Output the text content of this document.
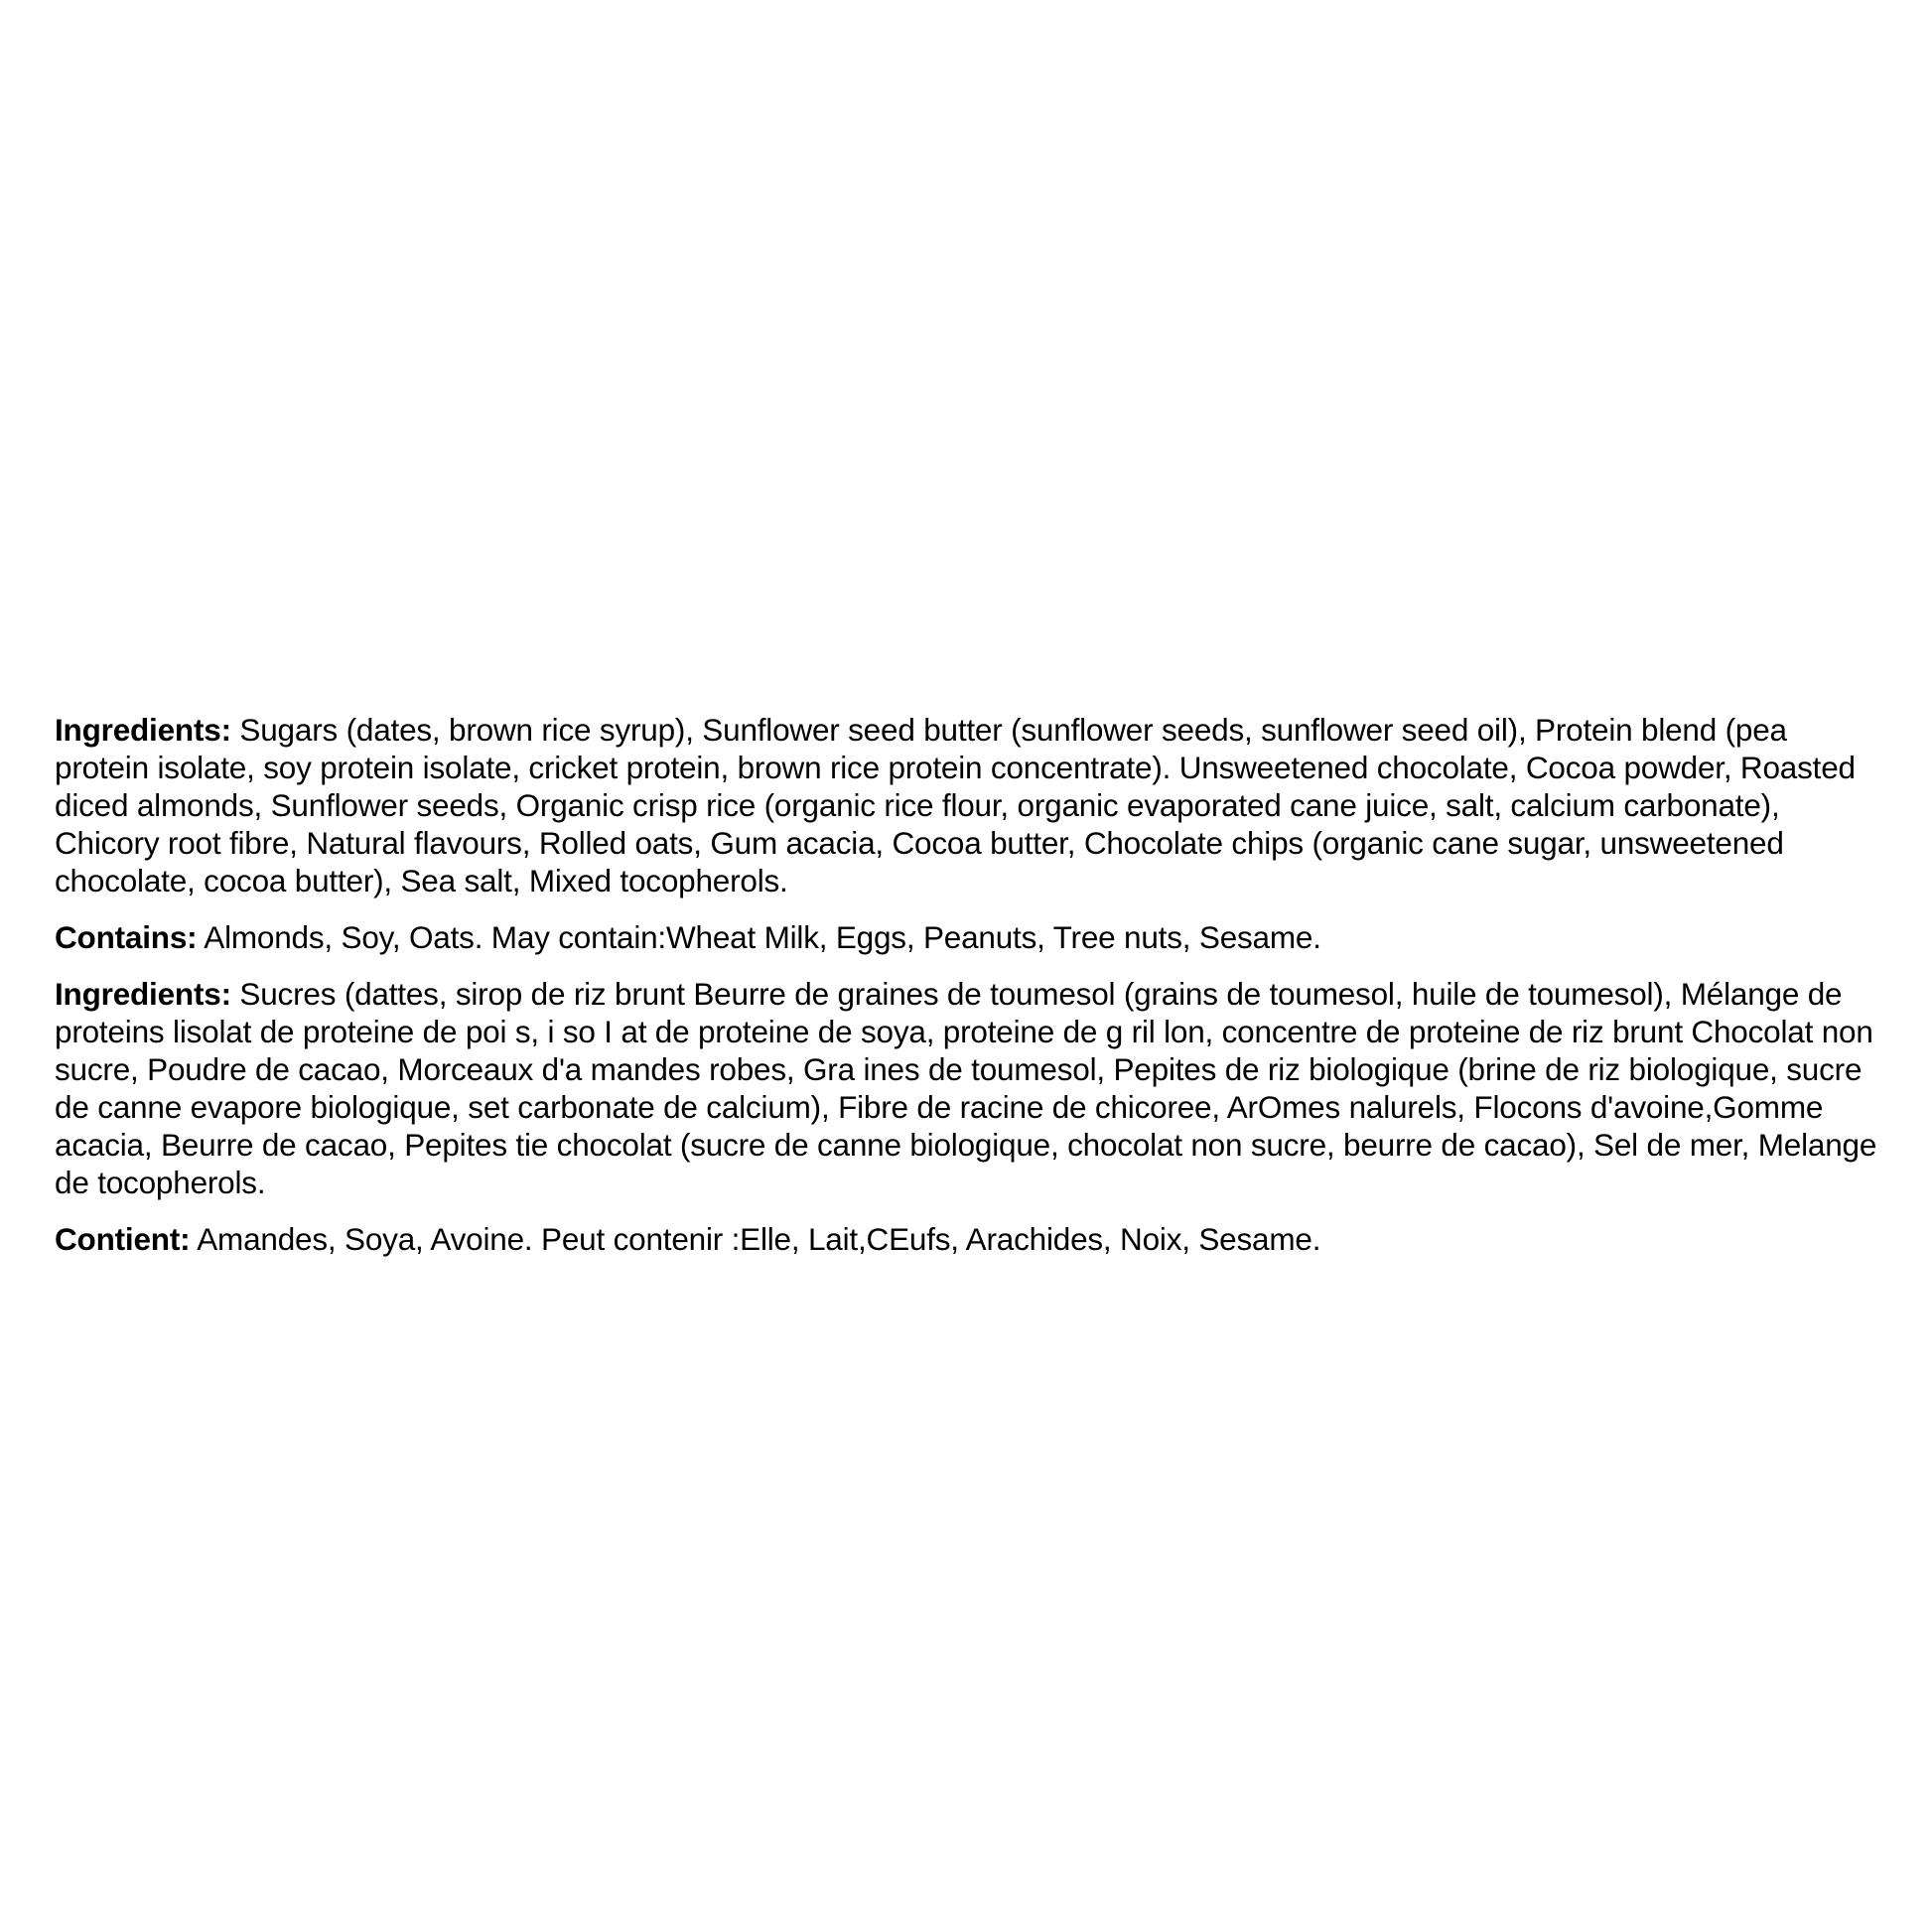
Ingredients: Sugars (dates, brown rice syrup), Sunflower seed butter (sunflower seeds, sunflower seed oil), Protein blend (pea protein isolate, soy protein isolate, cricket protein, brown rice protein concentrate). Unsweetened chocolate, Cocoa powder, Roasted diced almonds, Sunflower seeds, Organic crisp rice (organic rice flour, organic evaporated cane juice, salt, calcium carbonate), Chicory root fibre, Natural flavours, Rolled oats, Gum acacia, Cocoa butter, Chocolate chips (organic cane sugar, unsweetened chocolate, cocoa butter), Sea salt, Mixed tocopherols.

Contains: Almonds, Soy, Oats. May contain:Wheat Milk, Eggs, Peanuts, Tree nuts, Sesame.

Ingredients: Sucres (dattes, sirop de riz brunt Beurre de graines de toumesol (grains de toumesol, huile de toumesol), Mélange de proteins lisolat de proteine de poi s, i so I at de proteine de soya, proteine de g ril lon, concentre de proteine de riz brunt Chocolat non sucre, Poudre de cacao, Morceaux d'a mandes robes, Gra ines de toumesol, Pepites de riz biologique (brine de riz biologique, sucre de canne evapore biologique, set carbonate de calcium), Fibre de racine de chicoree, ArOmes nalurels, Flocons d'avoine,Gomme acacia, Beurre de cacao, Pepites tie chocolat (sucre de canne biologique, chocolat non sucre, beurre de cacao), Sel de mer, Melange de tocopherols.

Contient: Amandes, Soya, Avoine. Peut contenir :Elle, Lait,CEufs, Arachides, Noix, Sesame.
